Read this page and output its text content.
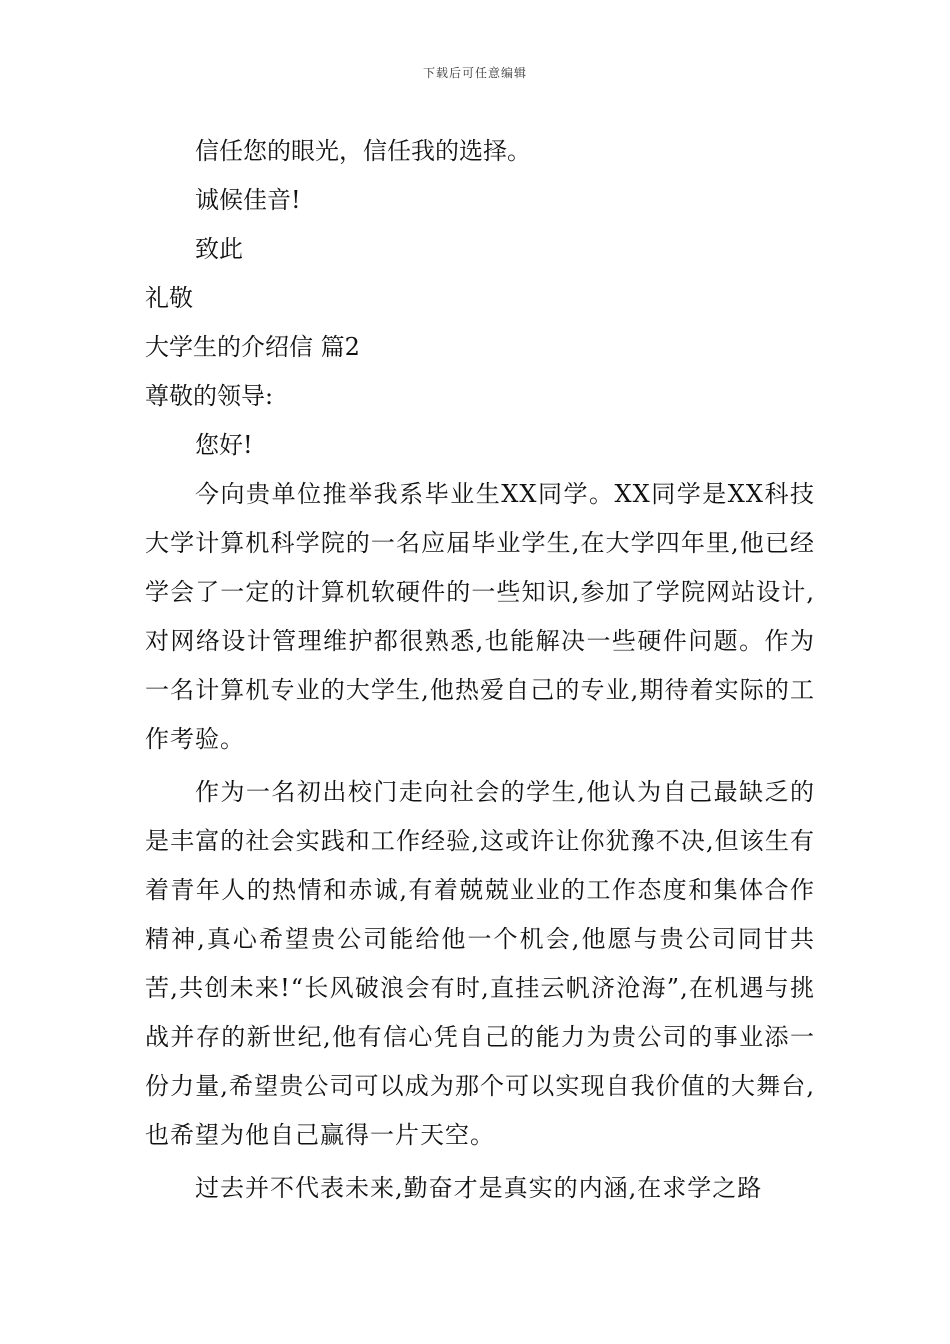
下载后可任意编辑

信任您的眼光，信任我的选择。

诚候佳音!

致此

礼敬

大学生的介绍信 篇2

尊敬的领导:

您好!

今向贵单位推举我系毕业生XX同学。XX同学是XX科技大学计算机科学院的一名应届毕业学生,在大学四年里,他已经学会了一定的计算机软硬件的一些知识,参加了学院网站设计,对网络设计管理维护都很熟悉,也能解决一些硬件问题。作为一名计算机专业的大学生,他热爱自己的专业,期待着实际的工作考验。

作为一名初出校门走向社会的学生,他认为自己最缺乏的是丰富的社会实践和工作经验,这或许让你犹豫不决,但该生有着青年人的热情和赤诚,有着兢兢业业的工作态度和集体合作精神,真心希望贵公司能给他一个机会,他愿与贵公司同甘共苦,共创未来!“长风破浪会有时,直挂云帆济沧海”,在机遇与挑战并存的新世纪,他有信心凭自己的能力为贵公司的事业添一份力量,希望贵公司可以成为那个可以实现自我价值的大舞台,也希望为他自己赢得一片天空。

过去并不代表未来,勤奋才是真实的内涵,在求学之路
